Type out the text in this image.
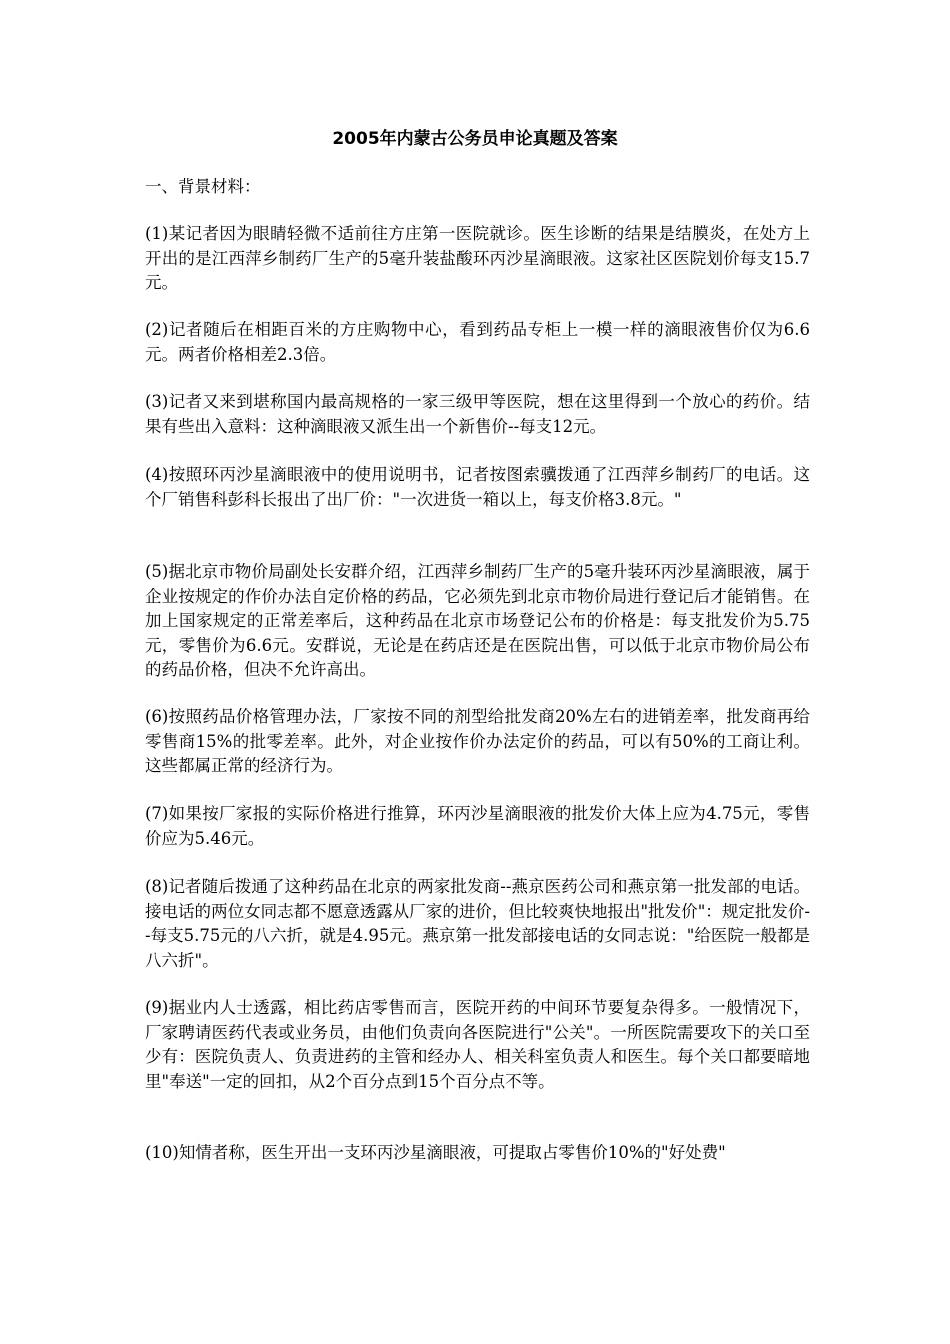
2005年内蒙古公务员申论真题及答案
一、背景材料：

(1)某记者因为眼睛轻微不适前往方庄第一医院就诊。医生诊断的结果是结膜炎，在处方上开出的是江西萍乡制药厂生产的5毫升装盐酸环丙沙星滴眼液。这家社区医院划价每支15.7元。

(2)记者随后在相距百米的方庄购物中心，看到药品专柜上一模一样的滴眼液售价仅为6.6元。两者价格相差2.3倍。

(3)记者又来到堪称国内最高规格的一家三级甲等医院，想在这里得到一个放心的药价。结果有些出入意料：这种滴眼液又派生出一个新售价--每支12元。

(4)按照环丙沙星滴眼液中的使用说明书，记者按图索骥拨通了江西萍乡制药厂的电话。这个厂销售科彭科长报出了出厂价："一次进货一箱以上，每支价格3.8元。"

(5)据北京市物价局副处长安群介绍，江西萍乡制药厂生产的5毫升装环丙沙星滴眼液，属于企业按规定的作价办法自定价格的药品，它必须先到北京市物价局进行登记后才能销售。在加上国家规定的正常差率后，这种药品在北京市场登记公布的价格是：每支批发价为5.75元，零售价为6.6元。安群说，无论是在药店还是在医院出售，可以低于北京市物价局公布的药品价格，但决不允许高出。

(6)按照药品价格管理办法，厂家按不同的剂型给批发商20%左右的进销差率，批发商再给零售商15%的批零差率。此外，对企业按作价办法定价的药品，可以有50%的工商让利。这些都属正常的经济行为。

(7)如果按厂家报的实际价格进行推算，环丙沙星滴眼液的批发价大体上应为4.75元，零售价应为5.46元。

(8)记者随后拨通了这种药品在北京的两家批发商--燕京医药公司和燕京第一批发部的电话。接电话的两位女同志都不愿意透露从厂家的进价，但比较爽快地报出"批发价"：规定批发价--每支5.75元的八六折，就是4.95元。燕京第一批发部接电话的女同志说："给医院一般都是八六折"。

(9)据业内人士透露，相比药店零售而言，医院开药的中间环节要复杂得多。一般情况下，厂家聘请医药代表或业务员，由他们负责向各医院进行"公关"。一所医院需要攻下的关口至少有：医院负责人、负责进药的主管和经办人、相关科室负责人和医生。每个关口都要暗地里"奉送"一定的回扣，从2个百分点到15个百分点不等。

(10)知情者称，医生开出一支环丙沙星滴眼液，可提取占零售价10%的"好处费"
